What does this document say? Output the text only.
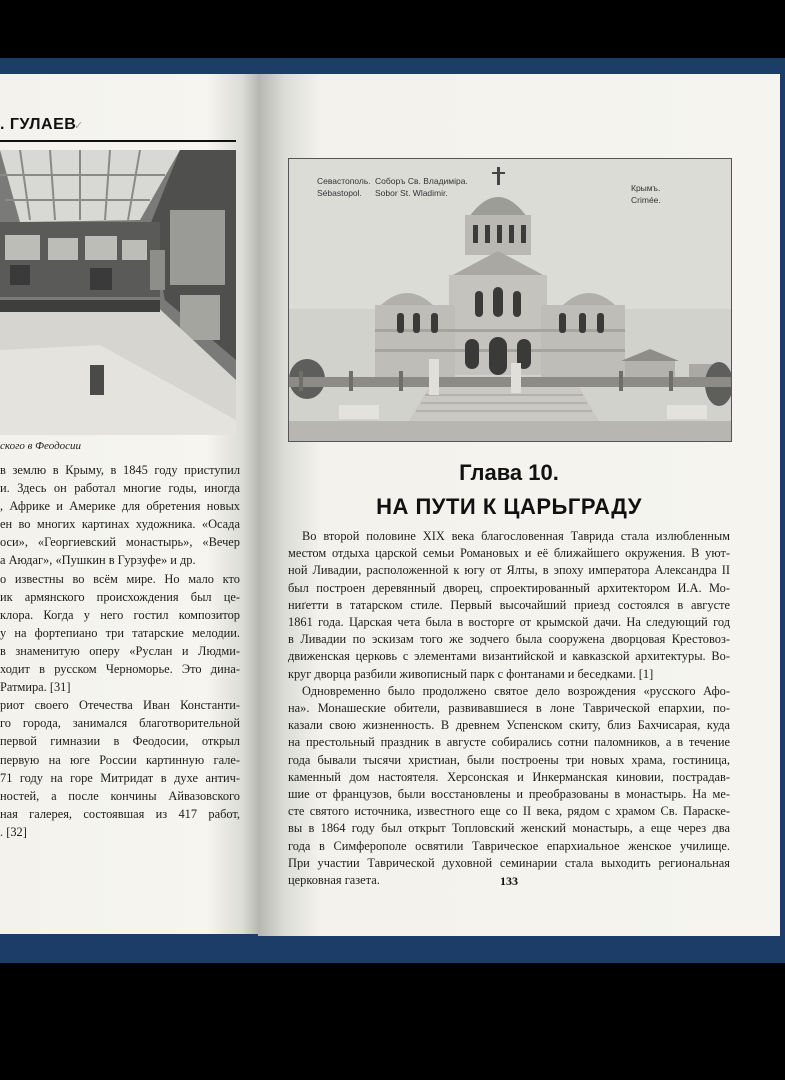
. ГУЛАЕВ
✓
ского в Феодосии
в землю в Крыму, в 1845 году приступил
и. Здесь он работал многие годы, иногда
, Африке и Америке для обретения новых
ен во многих картинах художника. «Осада
оси», «Георгиевский монастырь», «Вечер
а Аюдаг», «Пушкин в Гурзуфе» и др.
о известны во всём мире. Но мало кто
ик армянского происхождения был це-
клора. Когда у него гостил композитор
у на фортепиано три татарские мелодии.
в знаменитую оперу «Руслан и Людми-
ходит в русском Черноморье. Это дина-
Ратмира. [31]
риот своего Отечества Иван Константи-
го города, занимался благотворительной
первой гимназии в Феодосии, открыл
первую на юге России картинную гале-
71 году на горе Митридат в духе антич-
ностей, а после кончины Айвазовского
ная галерея, состоявшая из 417 работ,
. [32]
Севастополь.
Sébastopol.
Соборъ Св. Владиміра.
Sobor St. Wladimir.	Крымъ.
Crimée.
Глава 10.
НА ПУТИ К ЦАРЬГРАДУ
Во второй половине XIX века благословенная Таврида стала излюбленным
местом отдыха царской семьи Романовых и её ближайшего окружения. В уют-
ной Ливадии, расположенной к югу от Ялты, в эпоху императора Александра II
был построен деревянный дворец, спроектированный архитектором И.А. Мо-
ниґетти в татарском стиле. Первый высочайший приезд состоялся в августе
1861 года. Царская чета была в восторге от крымской дачи. На следующий год
в Ливадии по эскизам того же зодчего была сооружена дворцовая Крестовоз-
движенская церковь с элементами византийской и кавказской архитектуры. Во-
круг дворца разбили живописный парк с фонтанами и беседками. [1]
Одновременно было продолжено святое дело возрождения «русского Афо-
на». Монашеские обители, развивавшиеся в лоне Таврической епархии, по-
казали свою жизненность. В древнем Успенском скиту, близ Бахчисарая, куда
на престольный праздник в августе собирались сотни паломников, а в течение
года бывали тысячи христиан, были построены три новых храма, гостиница,
каменный дом настоятеля. Херсонская и Инкерманская киновии, пострадав-
шие от французов, были восстановлены и преобразованы в монастырь. На ме-
сте святого источника, известного еще со II века, рядом с храмом Св. Параске-
вы в 1864 году был открыт Топловский женский монастырь, а еще через два
года в Симферополе освятили Таврическое епархиальное женское училище.
При участии Таврической духовной семинарии стала выходить региональная
церковная газета.	133
